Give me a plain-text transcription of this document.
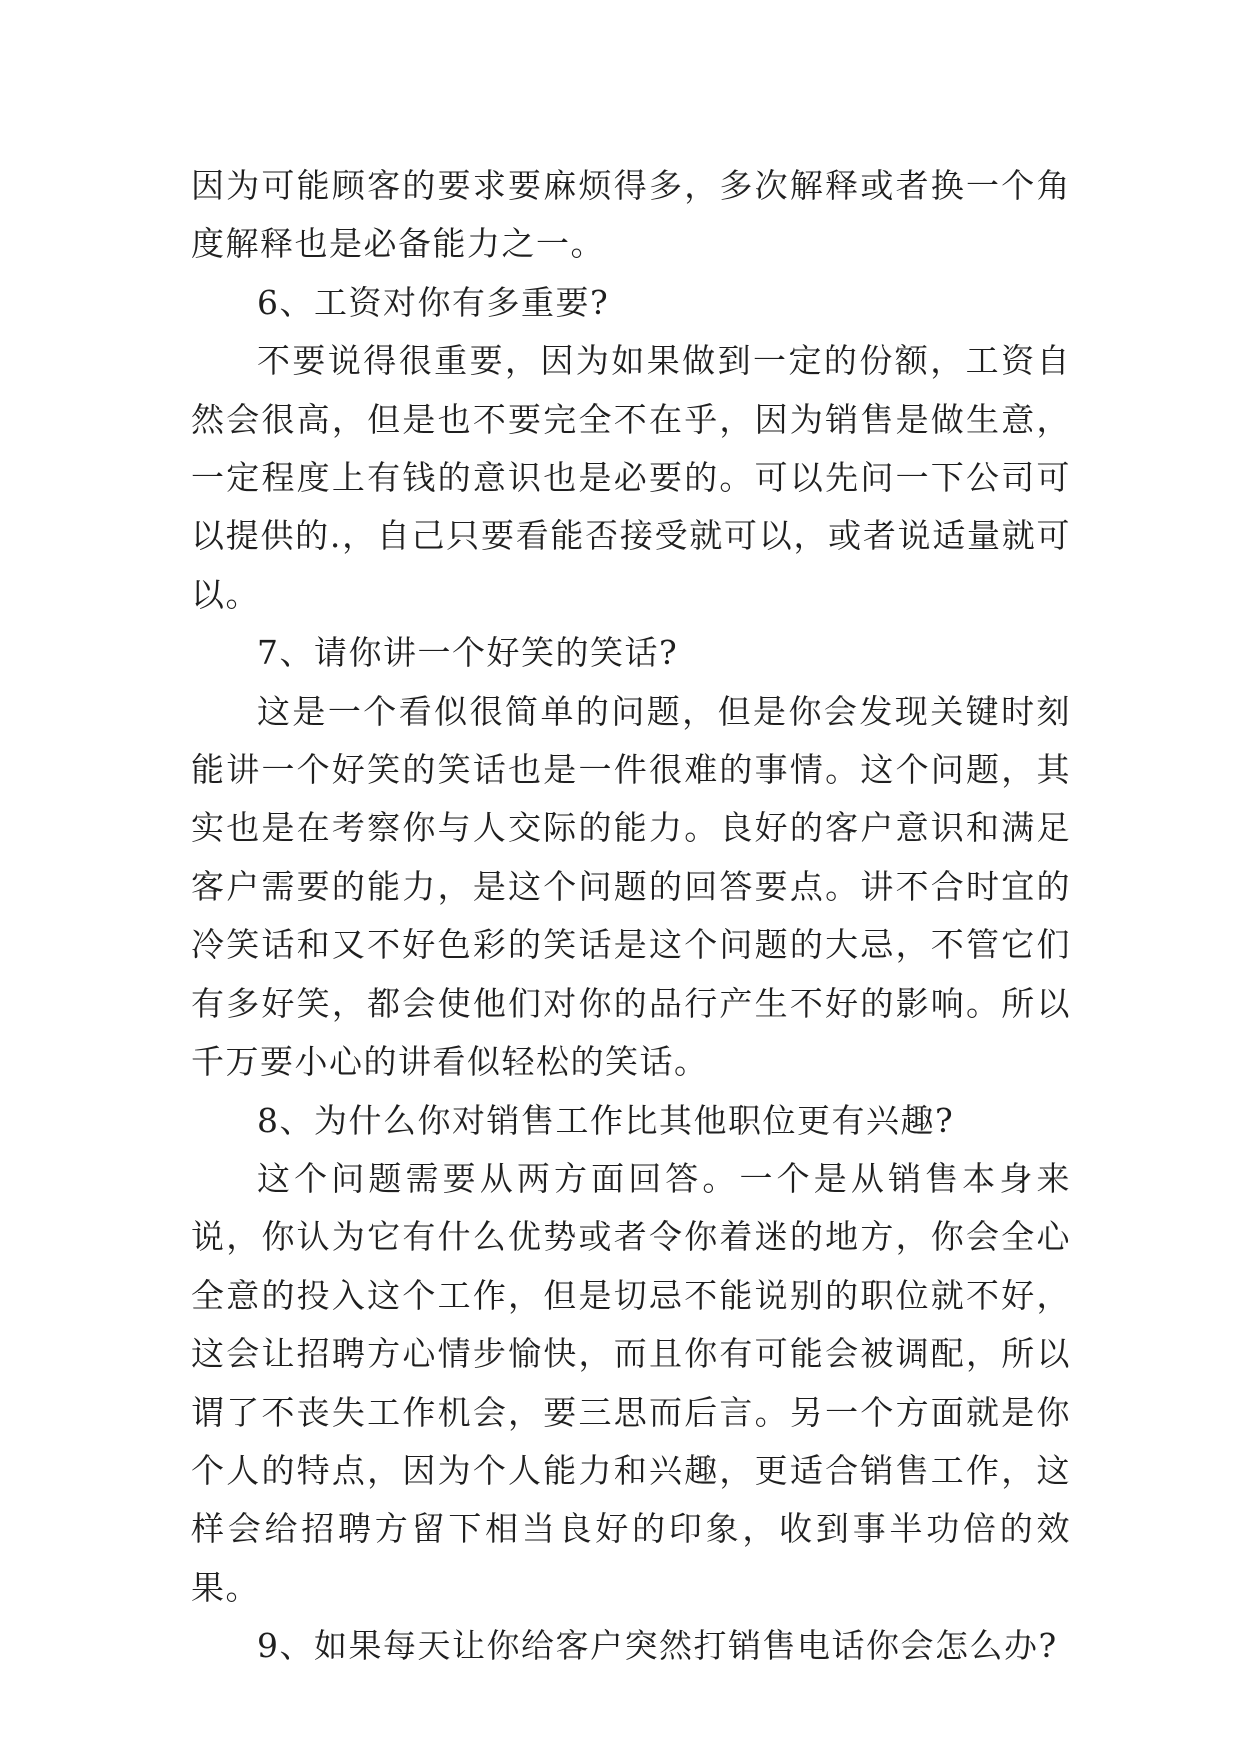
因为可能顾客的要求要麻烦得多，多次解释或者换一个角度解释也是必备能力之一。

6、工资对你有多重要?

不要说得很重要，因为如果做到一定的份额，工资自然会很高，但是也不要完全不在乎，因为销售是做生意，一定程度上有钱的意识也是必要的。可以先问一下公司可以提供的.，自己只要看能否接受就可以，或者说适量就可以。

7、请你讲一个好笑的笑话?

这是一个看似很简单的问题，但是你会发现关键时刻能讲一个好笑的笑话也是一件很难的事情。这个问题，其实也是在考察你与人交际的能力。良好的客户意识和满足客户需要的能力，是这个问题的回答要点。讲不合时宜的冷笑话和又不好色彩的笑话是这个问题的大忌，不管它们有多好笑，都会使他们对你的品行产生不好的影响。所以千万要小心的讲看似轻松的笑话。

8、为什么你对销售工作比其他职位更有兴趣?

这个问题需要从两方面回答。一个是从销售本身来说，你认为它有什么优势或者令你着迷的地方，你会全心全意的投入这个工作，但是切忌不能说别的职位就不好，这会让招聘方心情步愉快，而且你有可能会被调配，所以谓了不丧失工作机会，要三思而后言。另一个方面就是你个人的特点，因为个人能力和兴趣，更适合销售工作，这样会给招聘方留下相当良好的印象，收到事半功倍的效果。

9、如果每天让你给客户突然打销售电话你会怎么办?
